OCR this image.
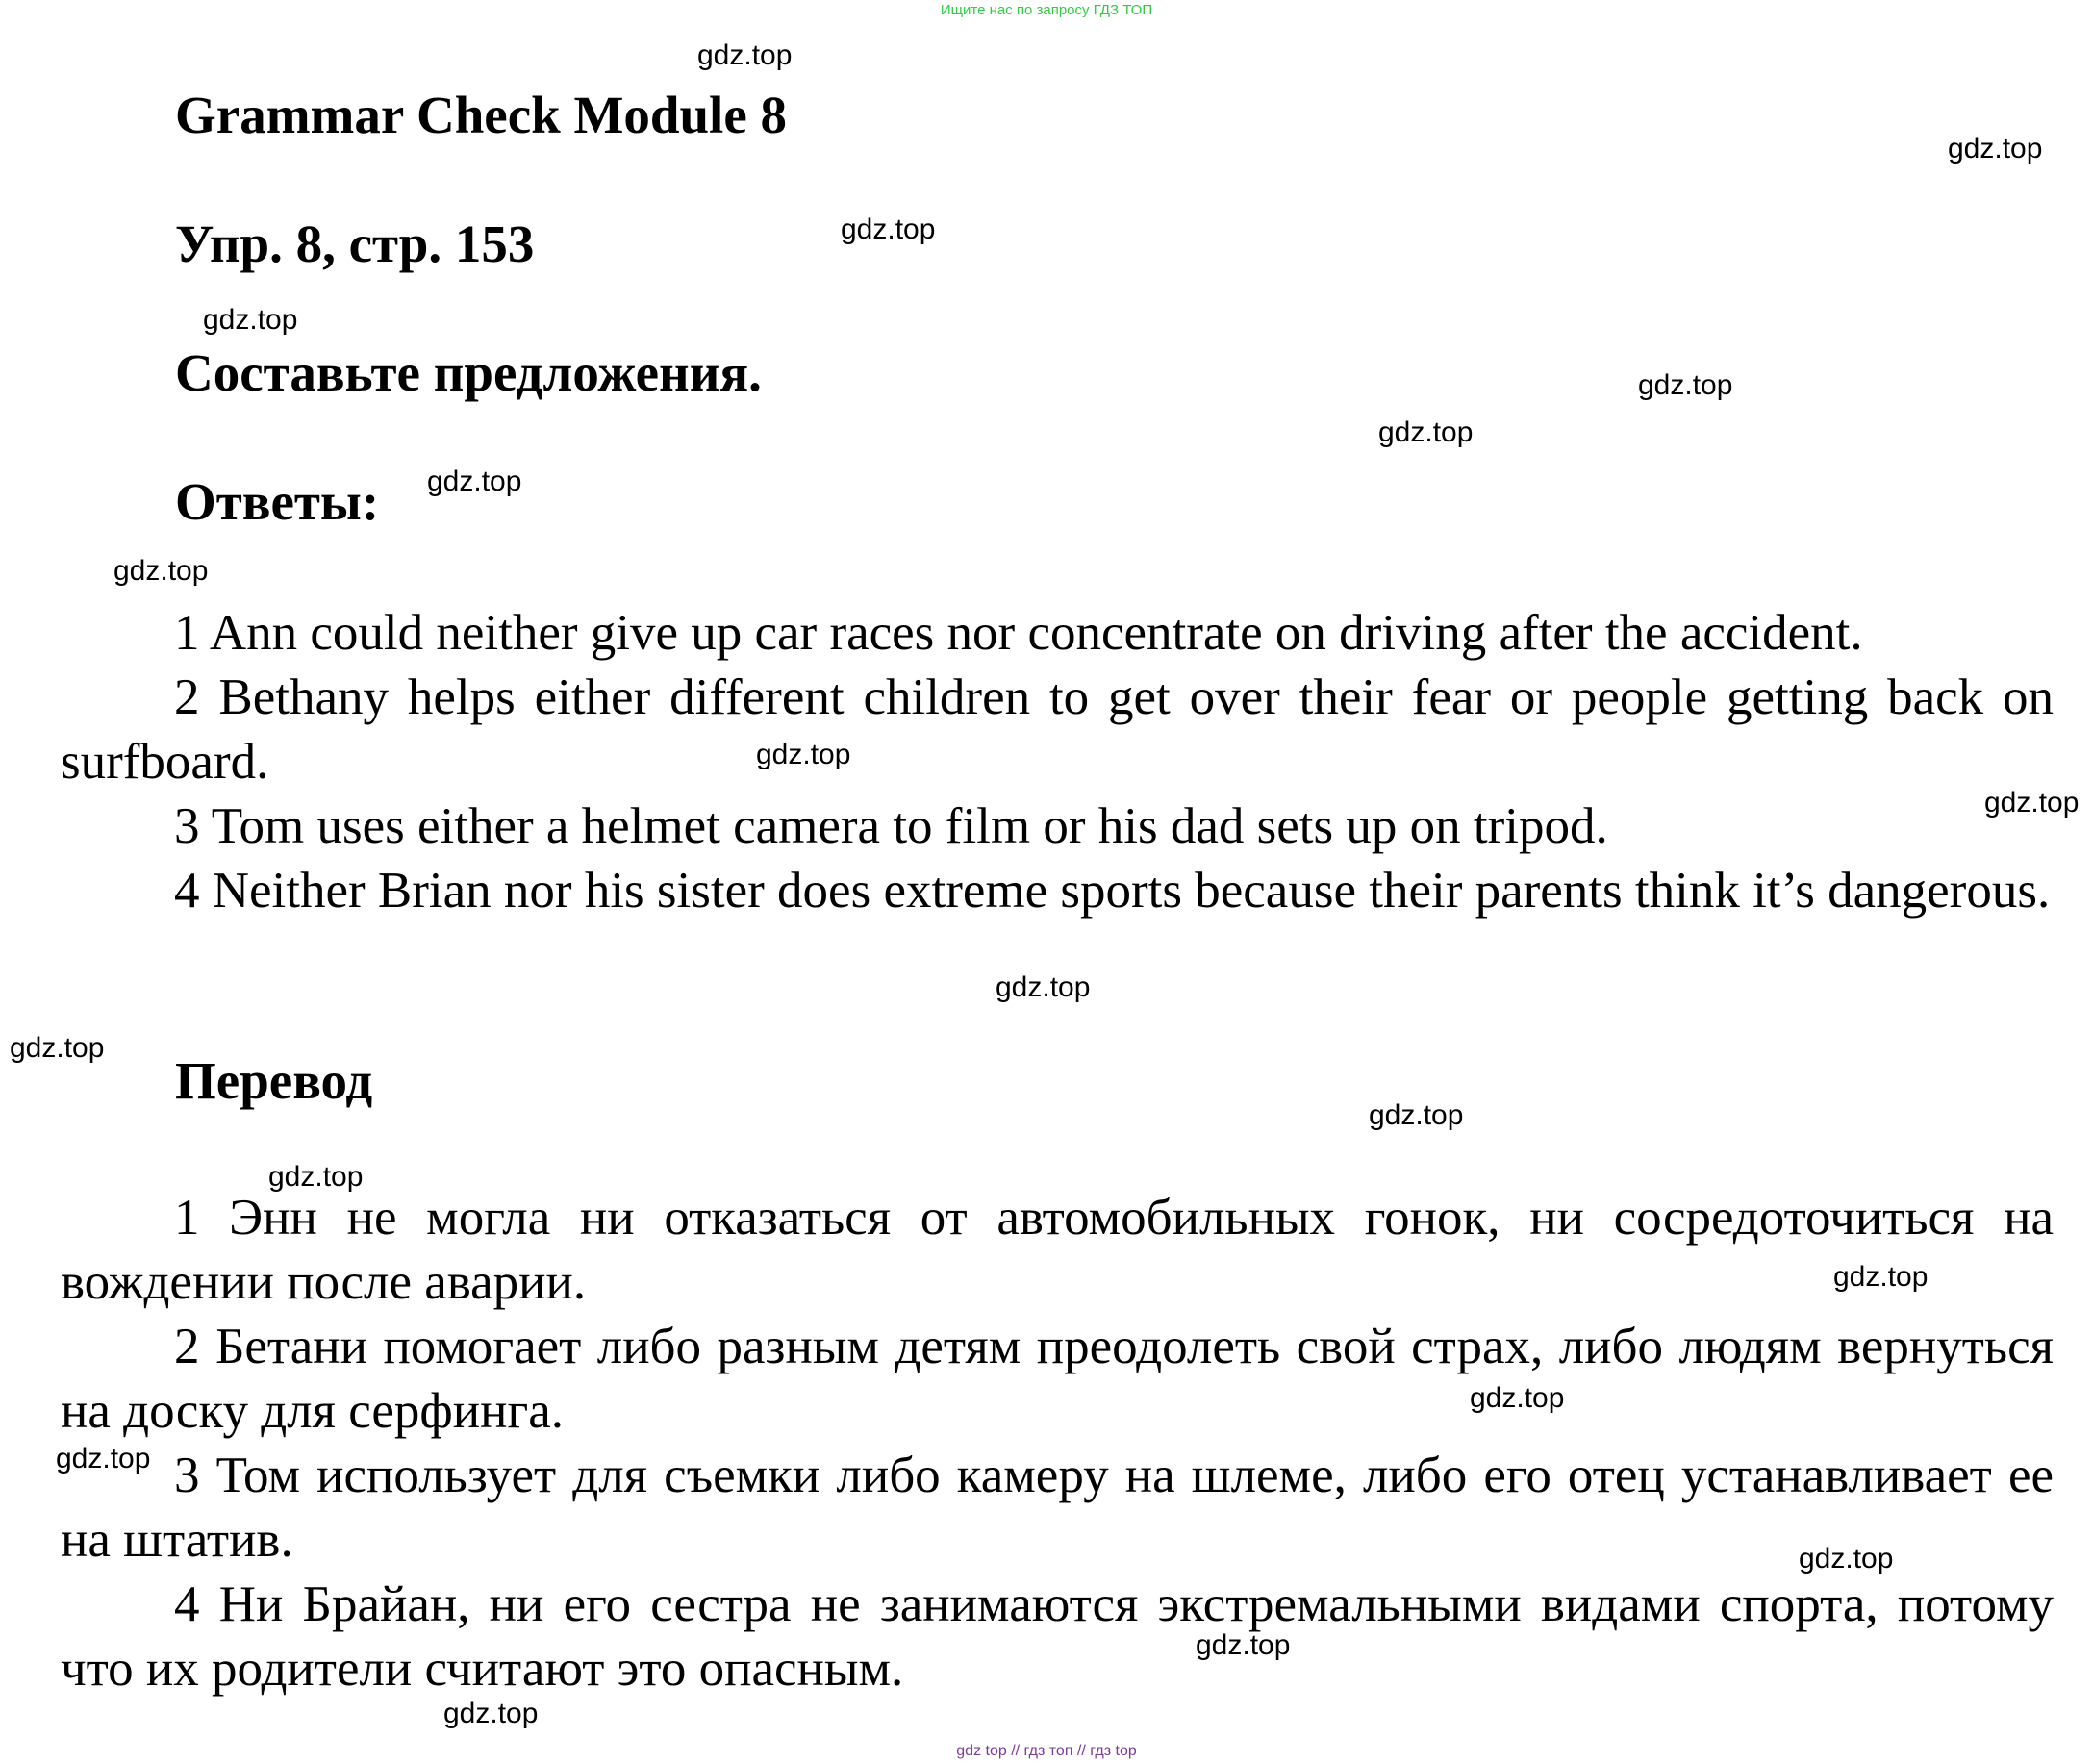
Ищите нас по запросу ГДЗ ТОП
Grammar Check Module 8
Упр. 8, стр. 153
Составьте предложения.
Ответы:

1 Ann could neither give up car races nor concentrate on driving after the accident.

2 Bethany helps either different children to get over their fear or people getting back on surfboard.

3 Tom uses either a helmet camera to film or his dad sets up on tripod.

4 Neither Brian nor his sister does extreme sports because their parents think it’s dangerous.

Перевод

1 Энн не могла ни отказаться от автомобильных гонок, ни сосредоточиться на вождении после аварии.

2 Бетани помогает либо разным детям преодолеть свой страх, либо людям вернуться на доску для серфинга.

3 Том использует для съемки либо камеру на шлеме, либо его отец устанавливает ее на штатив.

4 Ни Брайан, ни его сестра не занимаются экстремальными видами спорта, потому что их родители считают это опасным.

gdz.top
gdz.top
gdz.top
gdz.top
gdz.top
gdz.top
gdz.top
gdz.top
gdz.top
gdz.top
gdz.top
gdz.top
gdz.top
gdz.top
gdz.top
gdz.top
gdz.top
gdz.top
gdz.top
gdz.top
gdz top // гдз топ // гдз top
